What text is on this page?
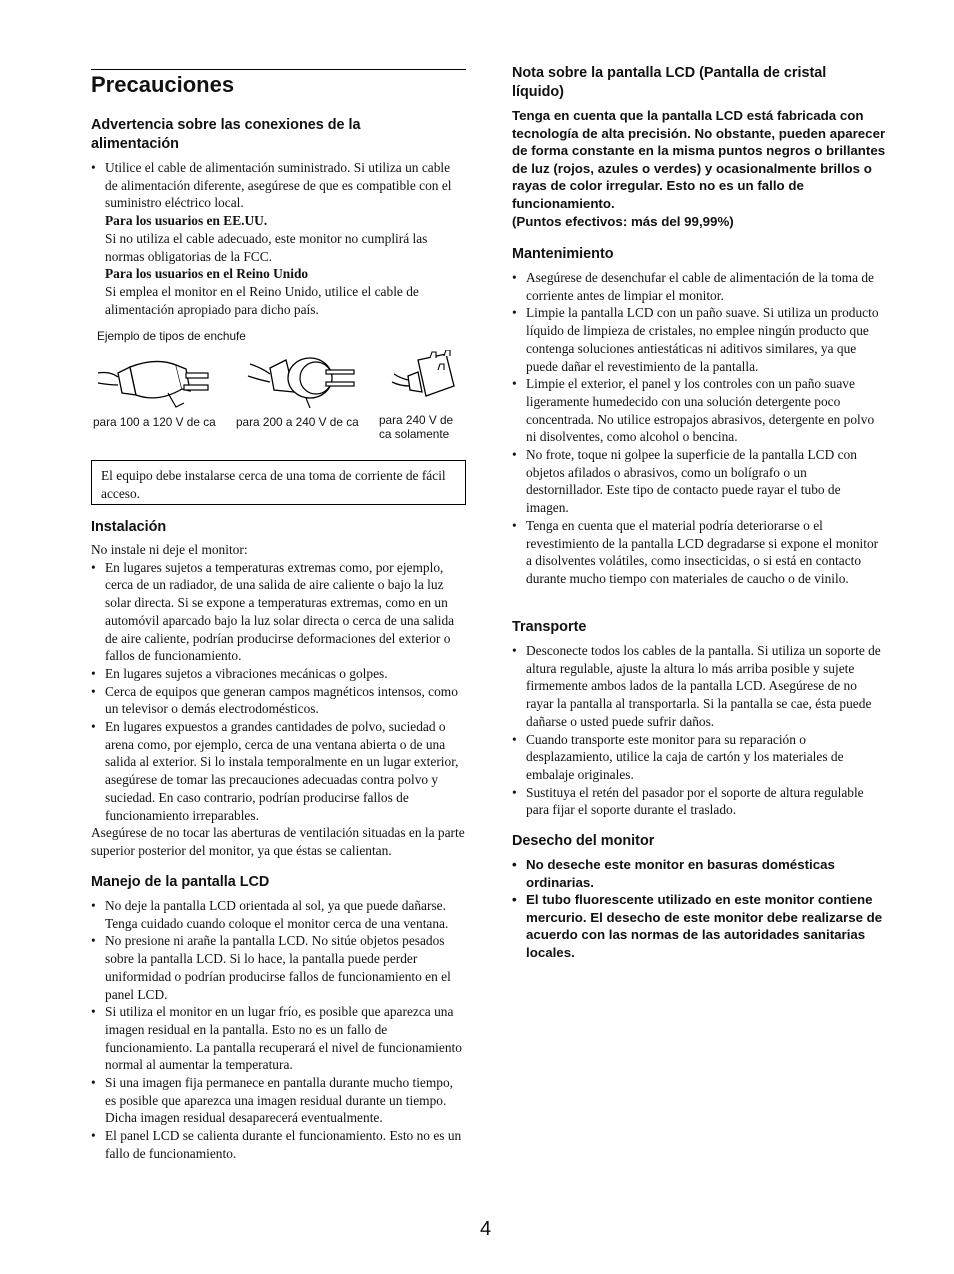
Precauciones
Advertencia sobre las conexiones de la alimentación
• Utilice el cable de alimentación suministrado. Si utiliza un cable de alimentación diferente, asegúrese de que es compatible con el suministro eléctrico local.
Para los usuarios en EE.UU.
Si no utiliza el cable adecuado, este monitor no cumplirá las normas obligatorias de la FCC.
Para los usuarios en el Reino Unido
Si emplea el monitor en el Reino Unido, utilice el cable de alimentación apropiado para dicho país.
Ejemplo de tipos de enchufe
para 100 a 120 V de ca para 200 a 240 V de ca para 240 V de
ca solamente
El equipo debe instalarse cerca de una toma de corriente de fácil acceso.
Instalación
No instale ni deje el monitor:
• En lugares sujetos a temperaturas extremas como, por ejemplo, cerca de un radiador, de una salida de aire caliente o bajo la luz solar directa. Si se expone a temperaturas extremas, como en un automóvil aparcado bajo la luz solar directa o cerca de una salida de aire caliente, podrían producirse deformaciones del exterior o fallos de funcionamiento.
• En lugares sujetos a vibraciones mecánicas o golpes.
• Cerca de equipos que generan campos magnéticos intensos, como un televisor o demás electrodomésticos.
• En lugares expuestos a grandes cantidades de polvo, suciedad o arena como, por ejemplo, cerca de una ventana abierta o de una salida al exterior. Si lo instala temporalmente en un lugar exterior, asegúrese de tomar las precauciones adecuadas contra polvo y suciedad. En caso contrario, podrían producirse fallos de funcionamiento irreparables.
Asegúrese de no tocar las aberturas de ventilación situadas en la parte superior posterior del monitor, ya que éstas se calientan.
Manejo de la pantalla LCD
• No deje la pantalla LCD orientada al sol, ya que puede dañarse. Tenga cuidado cuando coloque el monitor cerca de una ventana.
• No presione ni arañe la pantalla LCD. No sitúe objetos pesados sobre la pantalla LCD. Si lo hace, la pantalla puede perder uniformidad o podrían producirse fallos de funcionamiento en el panel LCD.
• Si utiliza el monitor en un lugar frío, es posible que aparezca una imagen residual en la pantalla. Esto no es un fallo de funcionamiento. La pantalla recuperará el nivel de funcionamiento normal al aumentar la temperatura.
• Si una imagen fija permanece en pantalla durante mucho tiempo, es posible que aparezca una imagen residual durante un tiempo. Dicha imagen residual desaparecerá eventualmente.
• El panel LCD se calienta durante el funcionamiento. Esto no es un fallo de funcionamiento.
Nota sobre la pantalla LCD (Pantalla de cristal líquido)
Tenga en cuenta que la pantalla LCD está fabricada con tecnología de alta precisión. No obstante, pueden aparecer de forma constante en la misma puntos negros o brillantes de luz (rojos, azules o verdes) y ocasionalmente brillos o rayas de color irregular. Esto no es un fallo de funcionamiento.
(Puntos efectivos: más del 99,99%)
Mantenimiento
• Asegúrese de desenchufar el cable de alimentación de la toma de corriente antes de limpiar el monitor.
• Limpie la pantalla LCD con un paño suave. Si utiliza un producto líquido de limpieza de cristales, no emplee ningún producto que contenga soluciones antiestáticas ni aditivos similares, ya que puede dañar el revestimiento de la pantalla.
• Limpie el exterior, el panel y los controles con un paño suave ligeramente humedecido con una solución detergente poco concentrada. No utilice estropajos abrasivos, detergente en polvo ni disolventes, como alcohol o bencina.
• No frote, toque ni golpee la superficie de la pantalla LCD con objetos afilados o abrasivos, como un bolígrafo o un destornillador. Este tipo de contacto puede rayar el tubo de imagen.
• Tenga en cuenta que el material podría deteriorarse o el revestimiento de la pantalla LCD degradarse si expone el monitor a disolventes volátiles, como insecticidas, o si está en contacto durante mucho tiempo con materiales de caucho o de vinilo.
Transporte
• Desconecte todos los cables de la pantalla. Si utiliza un soporte de altura regulable, ajuste la altura lo más arriba posible y sujete firmemente ambos lados de la pantalla LCD. Asegúrese de no rayar la pantalla al transportarla. Si la pantalla se cae, ésta puede dañarse o usted puede sufrir daños.
• Cuando transporte este monitor para su reparación o desplazamiento, utilice la caja de cartón y los materiales de embalaje originales.
• Sustituya el retén del pasador por el soporte de altura regulable para fijar el soporte durante el traslado.
Desecho del monitor
• No deseche este monitor en basuras domésticas ordinarias.
• El tubo fluorescente utilizado en este monitor contiene mercurio. El desecho de este monitor debe realizarse de acuerdo con las normas de las autoridades sanitarias locales.
4
